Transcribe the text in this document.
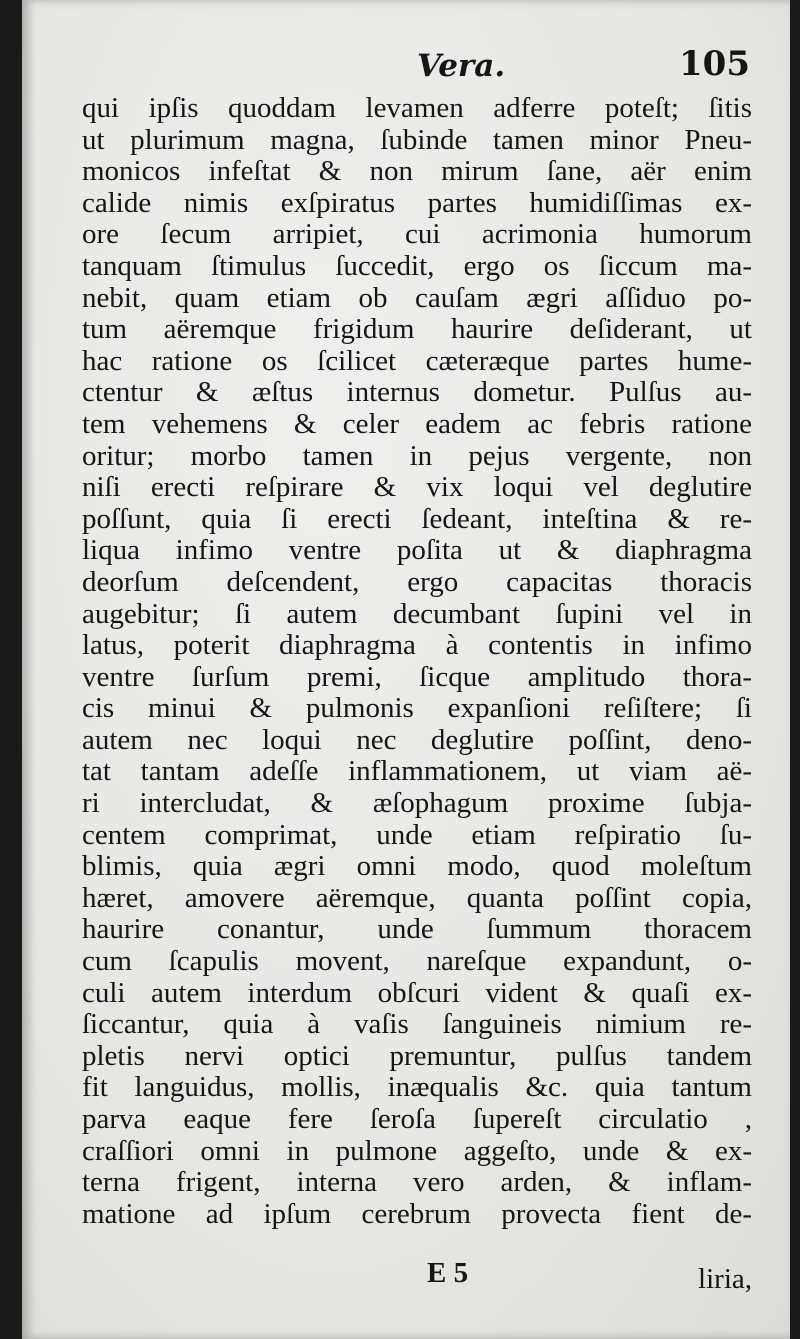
Vera.	105
qui ipſis quoddam levamen adferre poteſt; ſitis
ut plurimum magna, ſubinde tamen minor Pneu-
monicos infeſtat & non mirum ſane, aër enim
calide nimis exſpiratus partes humidiſſimas ex-
ore ſecum arripiet, cui acrimonia humorum
tanquam ſtimulus ſuccedit, ergo os ſiccum ma-
nebit, quam etiam ob cauſam ægri aſſiduo po-
tum aëremque frigidum haurire deſiderant, ut
hac ratione os ſcilicet cæteræque partes hume-
ctentur & æſtus internus dometur. Pulſus au-
tem vehemens & celer eadem ac febris ratione
oritur; morbo tamen in pejus vergente, non
niſi erecti reſpirare & vix loqui vel deglutire
poſſunt, quia ſi erecti ſedeant, inteſtina & re-
liqua infimo ventre poſita ut & diaphragma
deorſum deſcendent, ergo capacitas thoracis
augebitur; ſi autem decumbant ſupini vel in
latus, poterit diaphragma à contentis in infimo
ventre ſurſum premi, ſicque amplitudo thora-
cis minui & pulmonis expanſioni reſiſtere; ſi
autem nec loqui nec deglutire poſſint, deno-
tat tantam adeſſe inflammationem, ut viam aë-
ri intercludat, & æſophagum proxime ſubja-
centem comprimat, unde etiam reſpiratio ſu-
blimis, quia ægri omni modo, quod moleſtum
hæret, amovere aëremque, quanta poſſint copia,
haurire conantur, unde ſummum thoracem
cum ſcapulis movent, nareſque expandunt, o-
culi autem interdum obſcuri vident & quaſi ex-
ſiccantur, quia à vaſis ſanguineis nimium re-
pletis nervi optici premuntur, pulſus tandem
fit languidus, mollis, inæqualis &c. quia tantum
parva eaque fere ſeroſa ſupereſt circulatio ,
craſſiori omni in pulmone aggeſto, unde & ex-
terna frigent, interna vero arden, & inflam-
matione ad ipſum cerebrum provecta fient de-
E 5	liria,
